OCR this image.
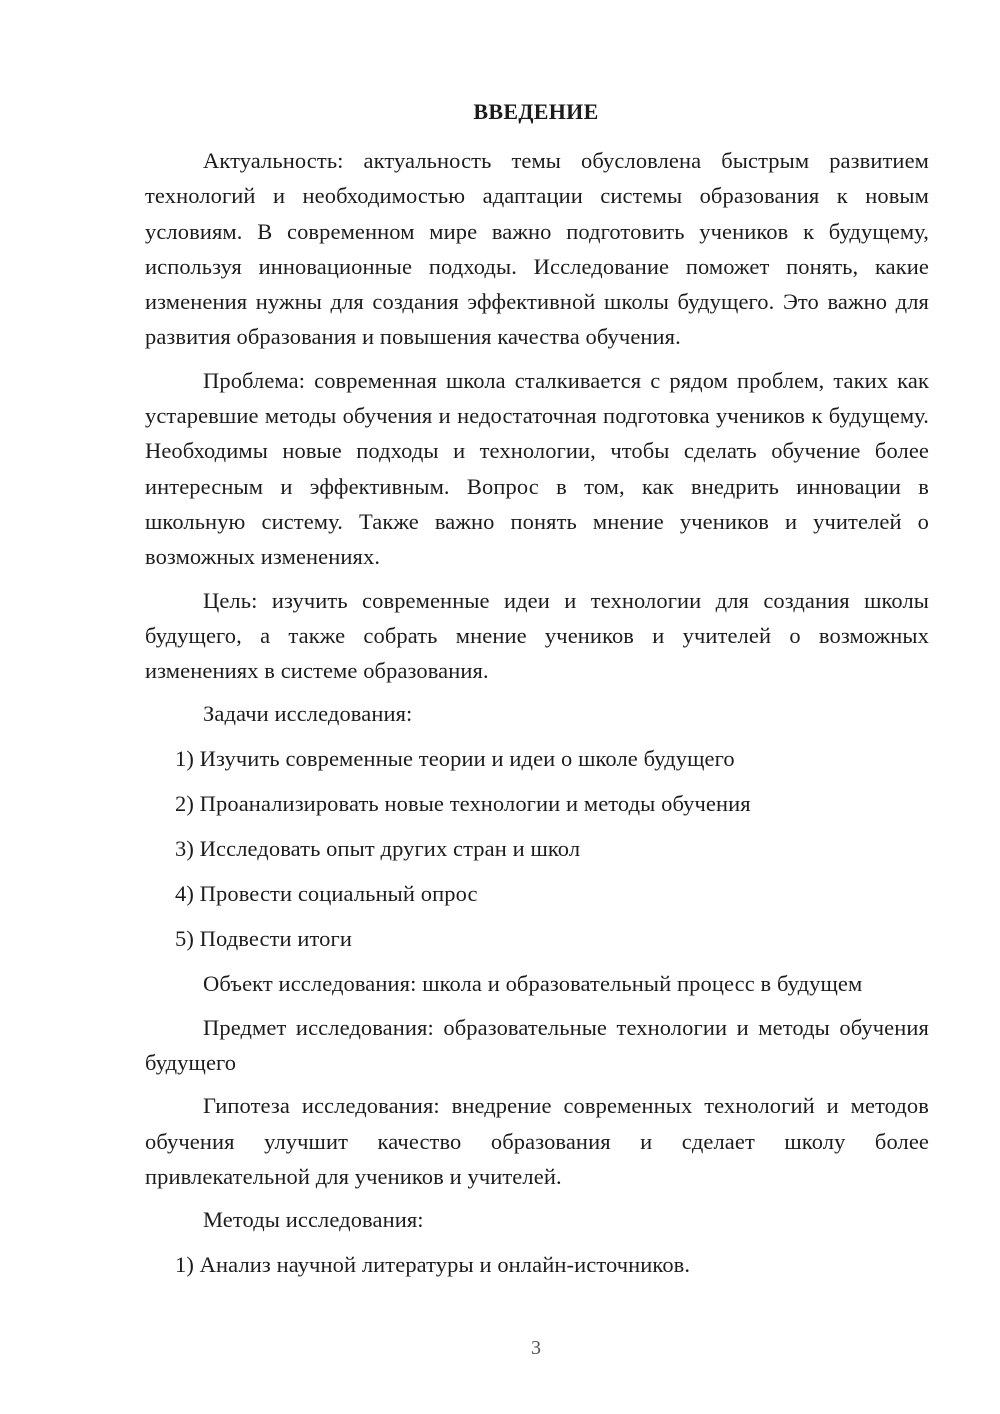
ВВЕДЕНИЕ

Актуальность: актуальность темы обусловлена быстрым развитием технологий и необходимостью адаптации системы образования к новым условиям. В современном мире важно подготовить учеников к будущему, используя инновационные подходы. Исследование поможет понять, какие изменения нужны для создания эффективной школы будущего. Это важно для развития образования и повышения качества обучения.

Проблема: современная школа сталкивается с рядом проблем, таких как устаревшие методы обучения и недостаточная подготовка учеников к будущему. Необходимы новые подходы и технологии, чтобы сделать обучение более интересным и эффективным. Вопрос в том, как внедрить инновации в школьную систему. Также важно понять мнение учеников и учителей о возможных изменениях.

Цель: изучить современные идеи и технологии для создания школы будущего, а также собрать мнение учеников и учителей о возможных изменениях в системе образования.

Задачи исследования:

1) Изучить современные теории и идеи о школе будущего

2) Проанализировать новые технологии и методы обучения

3) Исследовать опыт других стран и школ

4) Провести социальный опрос

5) Подвести итоги

Объект исследования: школа и образовательный процесс в будущем

Предмет исследования: образовательные технологии и методы обучения будущего

Гипотеза исследования: внедрение современных технологий и методов обучения улучшит качество образования и сделает школу более привлекательной для учеников и учителей.

Методы исследования:

1) Анализ научной литературы и онлайн-источников.

3
